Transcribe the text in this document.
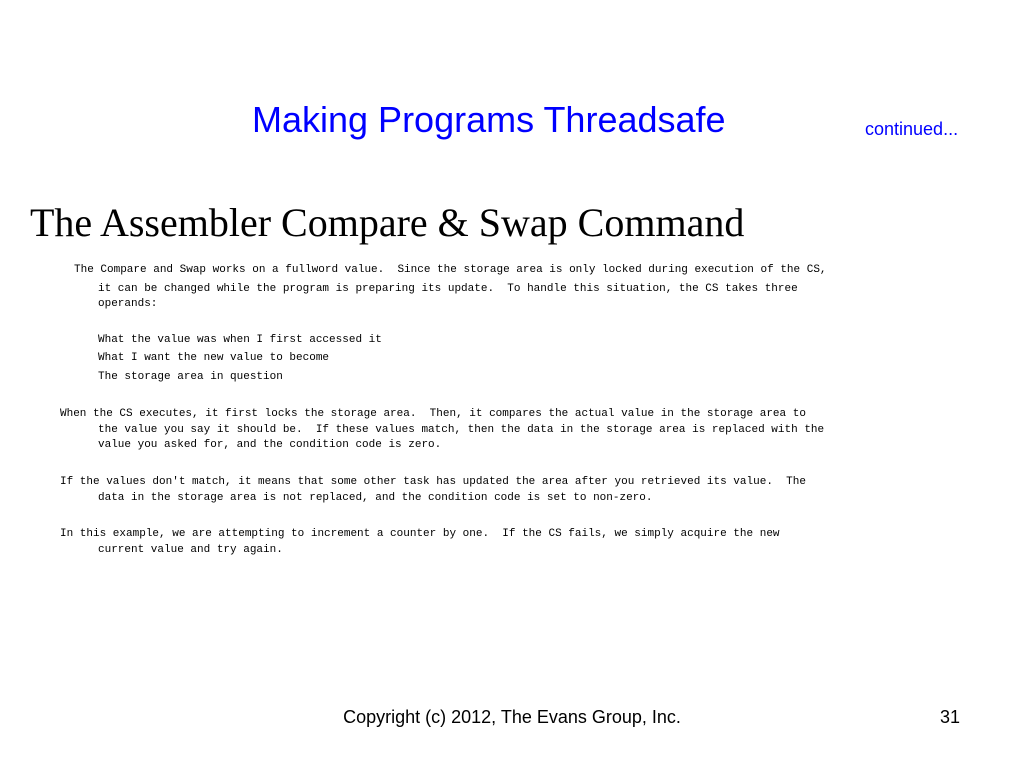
Making Programs Threadsafe	continued...
The Assembler Compare & Swap Command
The Compare and Swap works on a fullword value.  Since the storage area is only locked during execution of the CS,
it can be changed while the program is preparing its update.  To handle this situation, the CS takes three
operands:
What the value was when I first accessed it
What I want the new value to become
The storage area in question
When the CS executes, it first locks the storage area.  Then, it compares the actual value in the storage area to
the value you say it should be.  If these values match, then the data in the storage area is replaced with the
value you asked for, and the condition code is zero.
If the values don't match, it means that some other task has updated the area after you retrieved its value.  The
data in the storage area is not replaced, and the condition code is set to non-zero.
In this example, we are attempting to increment a counter by one.  If the CS fails, we simply acquire the new
current value and try again.
Copyright (c) 2012, The Evans Group, Inc.	31
